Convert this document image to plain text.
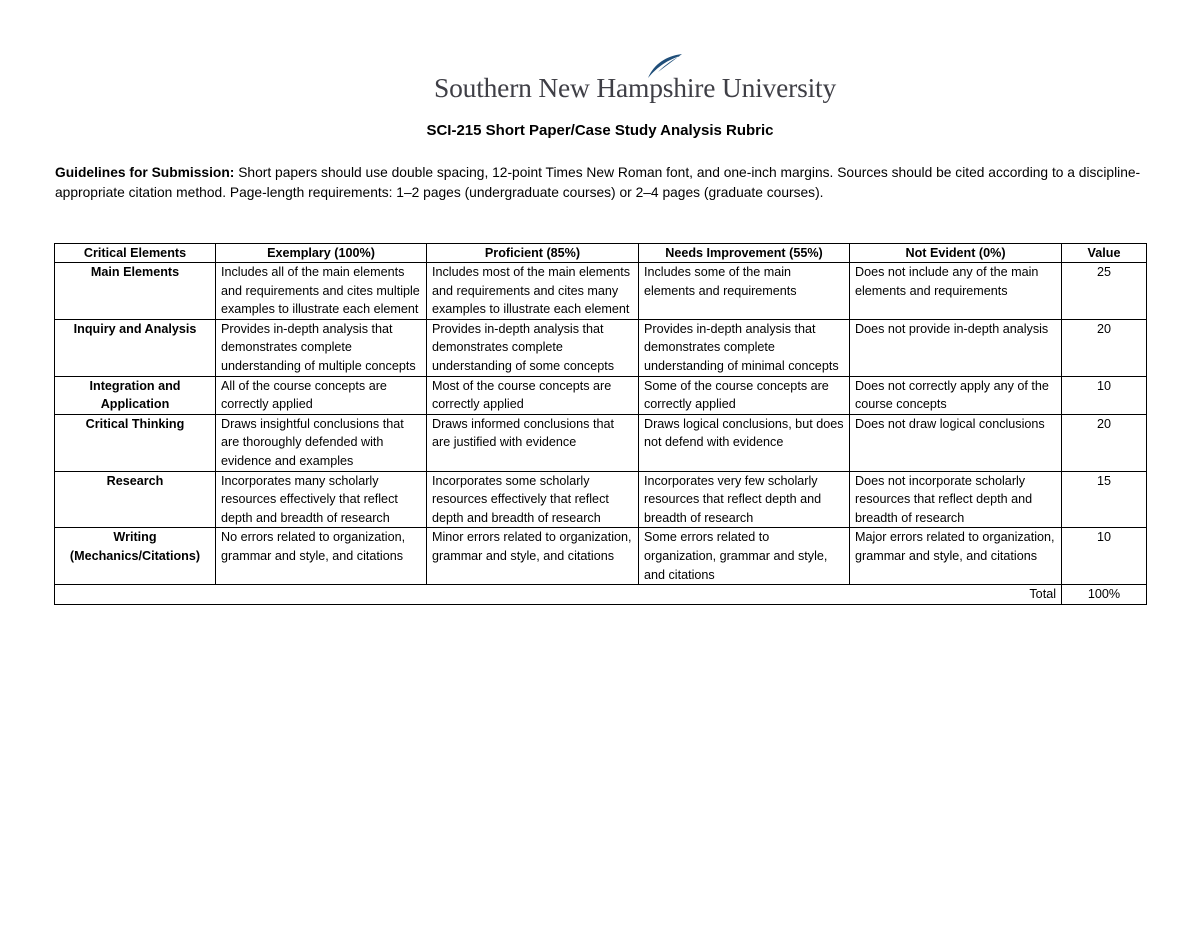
Southern New Hampshire University
SCI-215 Short Paper/Case Study Analysis Rubric
Guidelines for Submission: Short papers should use double spacing, 12-point Times New Roman font, and one-inch margins. Sources should be cited according to a discipline-appropriate citation method. Page-length requirements: 1–2 pages (undergraduate courses) or 2–4 pages (graduate courses).
Critical Elements	Exemplary (100%)	Proficient (85%)	Needs Improvement (55%)	Not Evident (0%)	Value
Main Elements	Includes all of the main elements and requirements and cites multiple examples to illustrate each element	Includes most of the main elements and requirements and cites many examples to illustrate each element	Includes some of the main elements and requirements	Does not include any of the main elements and requirements	25
Inquiry and Analysis	Provides in-depth analysis that demonstrates complete understanding of multiple concepts	Provides in-depth analysis that demonstrates complete understanding of some concepts	Provides in-depth analysis that demonstrates complete understanding of minimal concepts	Does not provide in-depth analysis	20
Integration and Application	All of the course concepts are correctly applied	Most of the course concepts are correctly applied	Some of the course concepts are correctly applied	Does not correctly apply any of the course concepts	10
Critical Thinking	Draws insightful conclusions that are thoroughly defended with evidence and examples	Draws informed conclusions that are justified with evidence	Draws logical conclusions, but does not defend with evidence	Does not draw logical conclusions	20
Research	Incorporates many scholarly resources effectively that reflect depth and breadth of research	Incorporates some scholarly resources effectively that reflect depth and breadth of research	Incorporates very few scholarly resources that reflect depth and breadth of research	Does not incorporate scholarly resources that reflect depth and breadth of research	15
Writing (Mechanics/Citations)	No errors related to organization, grammar and style, and citations	Minor errors related to organization, grammar and style, and citations	Some errors related to organization, grammar and style, and citations	Major errors related to organization, grammar and style, and citations	10
Total					100%
